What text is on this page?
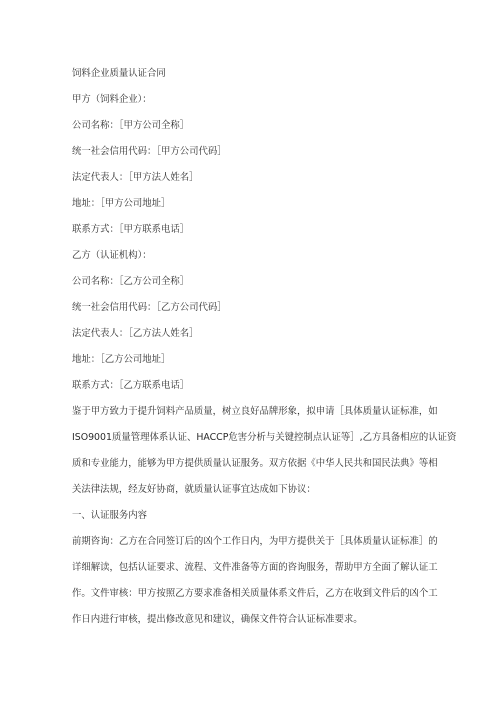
饲料企业质量认证合同
甲方（饲料企业）：
公司名称：［甲方公司全称］
统一社会信用代码：［甲方公司代码］
法定代表人：［甲方法人姓名］
地址：［甲方公司地址］
联系方式：［甲方联系电话］
乙方（认证机构）：
公司名称：［乙方公司全称］
统一社会信用代码：［乙方公司代码］
法定代表人：［乙方法人姓名］
地址：［乙方公司地址］
联系方式：［乙方联系电话］
鉴于甲方致力于提升饲料产品质量，树立良好品牌形象，拟申请［具体质量认证标准，如
ISO9001质量管理体系认证、HACCP危害分析与关键控制点认证等］,乙方具备相应的认证资
质和专业能力，能够为甲方提供质量认证服务。双方依据《中华人民共和国民法典》等相
关法律法规，经友好协商，就质量认证事宜达成如下协议：
一、认证服务内容
前期咨询：乙方在合同签订后的凶个工作日内，为甲方提供关于［具体质量认证标准］的
详细解读，包括认证要求、流程、文件准备等方面的咨询服务，帮助甲方全面了解认证工
作。文件审核：甲方按照乙方要求准备相关质量体系文件后，乙方在收到文件后的凶个工
作日内进行审核，提出修改意见和建议，确保文件符合认证标准要求。
